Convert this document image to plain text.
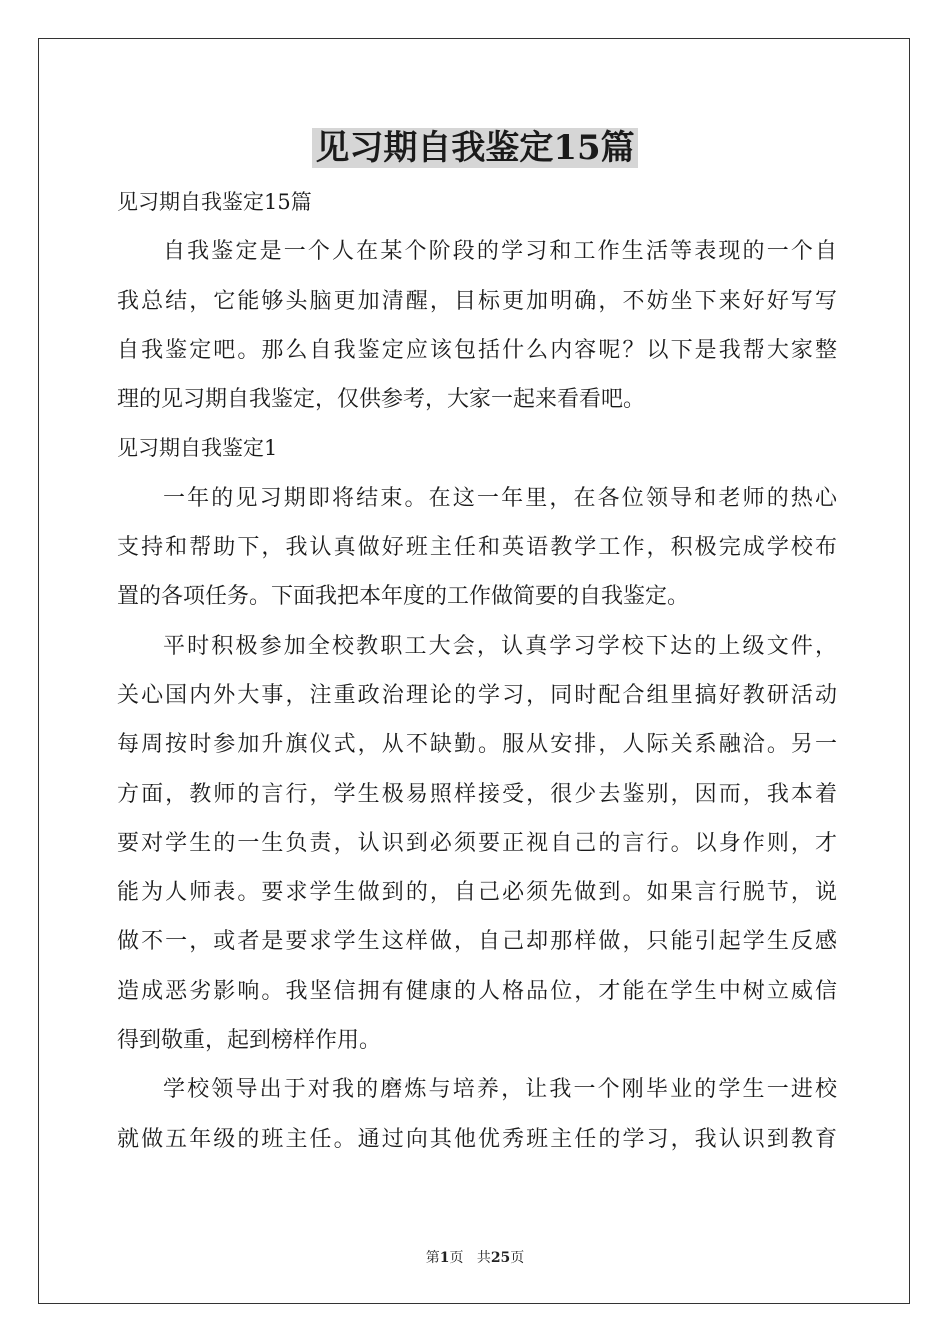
见习期自我鉴定15篇
见习期自我鉴定15篇
自我鉴定是一个人在某个阶段的学习和工作生活等表现的一个自
我总结，它能够头脑更加清醒，目标更加明确，不妨坐下来好好写写
自我鉴定吧。那么自我鉴定应该包括什么内容呢？以下是我帮大家整
理的见习期自我鉴定，仅供参考，大家一起来看看吧。
见习期自我鉴定1
一年的见习期即将结束。在这一年里，在各位领导和老师的热心
支持和帮助下，我认真做好班主任和英语教学工作，积极完成学校布
置的各项任务。下面我把本年度的工作做简要的自我鉴定。
平时积极参加全校教职工大会，认真学习学校下达的上级文件，
关心国内外大事，注重政治理论的学习，同时配合组里搞好教研活动
每周按时参加升旗仪式，从不缺勤。服从安排，人际关系融洽。另一
方面，教师的言行，学生极易照样接受，很少去鉴别，因而，我本着
要对学生的一生负责，认识到必须要正视自己的言行。以身作则，才
能为人师表。要求学生做到的，自己必须先做到。如果言行脱节，说
做不一，或者是要求学生这样做，自己却那样做，只能引起学生反感
造成恶劣影响。我坚信拥有健康的人格品位，才能在学生中树立威信
得到敬重，起到榜样作用。
学校领导出于对我的磨炼与培养，让我一个刚毕业的学生一进校
就做五年级的班主任。通过向其他优秀班主任的学习，我认识到教育
第1页 共25页
